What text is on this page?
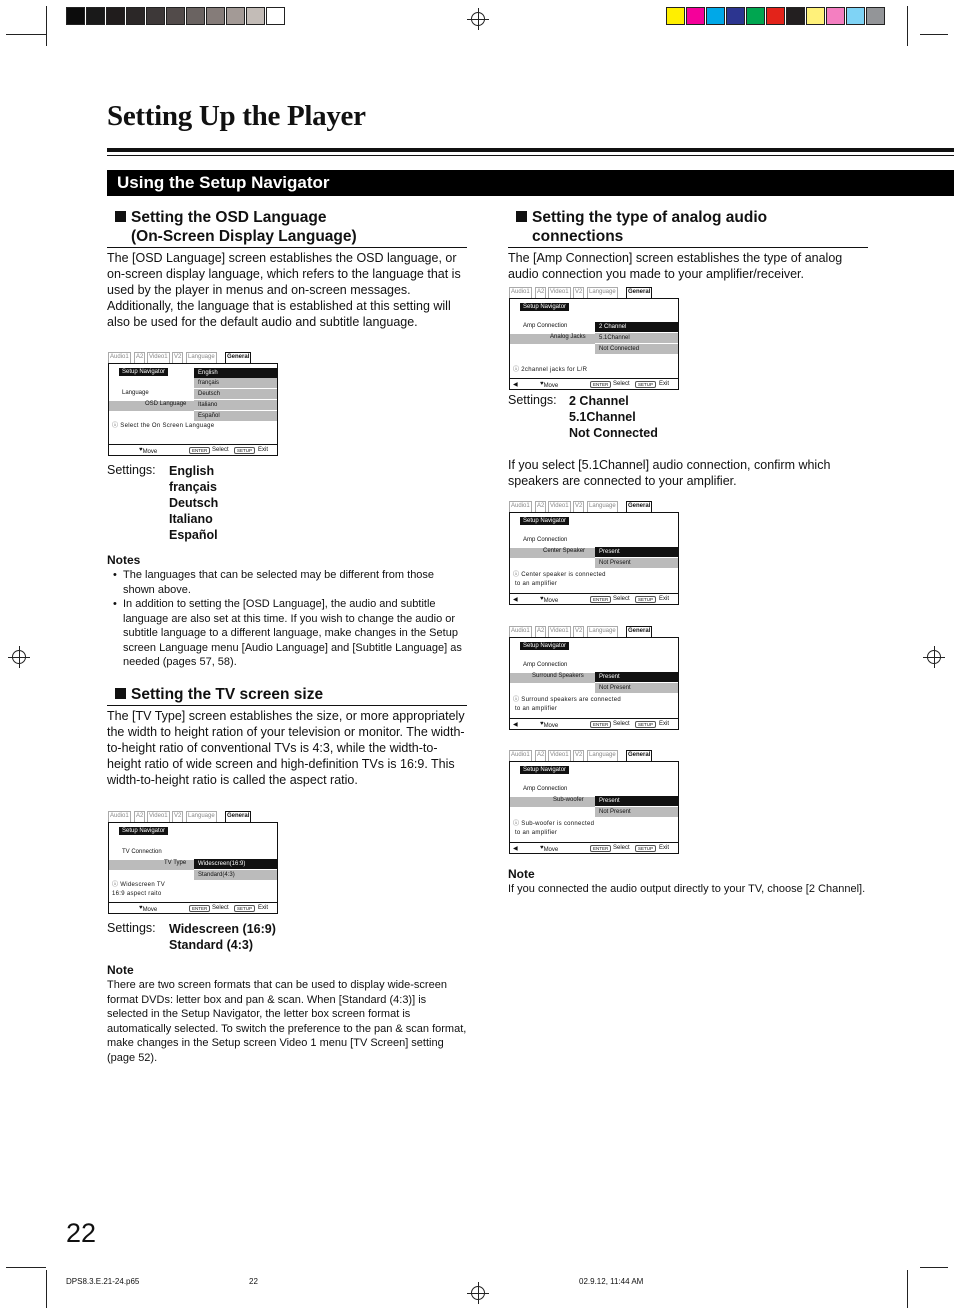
Setting Up the Player
Using the Setup Navigator
Setting the OSD Language
(On-Screen Display Language)
The [OSD Language] screen establishes the OSD language, or on-screen display language, which refers to the language that is used by the player in menus and on-screen messages. Additionally, the language that is established at this setting will also be used for the default audio and subtitle language.
Audio1	A2 Video1	V2	Language	General
Setup Navigator
Language
OSD Language
English
français
Deutsch
Italiano
Español
ⓘ Select the On Screen Language
♥ Move	ENTER Select	SETUP Exit
Settings: English
français
Deutsch
Italiano
Español
Notes
• The languages that can be selected may be different from those shown above.
• In addition to setting the [OSD Language], the audio and subtitle language are also set at this time. If you wish to change the audio or subtitle language to a different language, make changes in the Setup screen Language menu [Audio Language] and [Subtitle Language] as needed (pages 57, 58).
Setting the TV screen size
The [TV Type] screen establishes the size, or more appropriately the width to height ration of your television or monitor. The width-to-height ratio of conventional TVs is 4:3, while the width-to-height ratio of wide screen and high-definition TVs is 16:9. This width-to-height ratio is called the aspect ratio.
Audio1	A2 Video1	V2	Language	General
Setup Navigator
TV Connection
TV Type	Widescreen(16:9)
Standard(4:3)
ⓘ Widescreen TV
16:9 aspect raito
♥ Move	ENTER Select	SETUP Exit
Settings: Widescreen (16:9)
Standard (4:3)
Note
There are two screen formats that can be used to display wide-screen format DVDs: letter box and pan & scan. When [Standard (4:3)] is selected in the Setup Navigator, the letter box screen format is automatically selected. To switch the preference to the pan & scan format, make changes in the Setup screen Video 1 menu [TV Screen] setting (page 52).
Setting the type of analog audio
connections
The [Amp Connection] screen establishes the type of analog audio connection you made to your amplifier/receiver.
Audio1	A2 Video1	V2	Language	General
Setup Navigator
Amp Connection
Analog Jacks
2 Channel
5.1Channel
Not Connected
ⓘ 2channel jacks for L/R
◀	♥ Move	ENTER Select	SETUP Exit
Settings: 2 Channel
5.1Channel
Not Connected
If you select [5.1Channel] audio connection, confirm which speakers are connected to your amplifier.
Audio1	A2 Video1	V2	Language	General
Setup Navigator
Amp Connection
Center Speaker	Present
Not Present
ⓘ Center speaker is connected
to an amplifier
◀	♥ Move	ENTER Select	SETUP Exit
Audio1	A2 Video1	V2	Language	General
Setup Navigator
Amp Connection
Surround Speakers	Present
Not Present
ⓘ Surround speakers are connected
to an amplifier
◀	♥ Move	ENTER Select	SETUP Exit
Audio1	A2 Video1	V2	Language	General
Setup Navigator
Amp Connection
Sub-woofer	Present
Not Present
ⓘ Sub-woofer is connected
to an amplifier
◀	♥ Move	ENTER Select	SETUP Exit
Note
If you connected the audio output directly to your TV, choose [2 Channel].
22
DPS8.3.E.21-24.p65	22	02.9.12, 11:44 AM
